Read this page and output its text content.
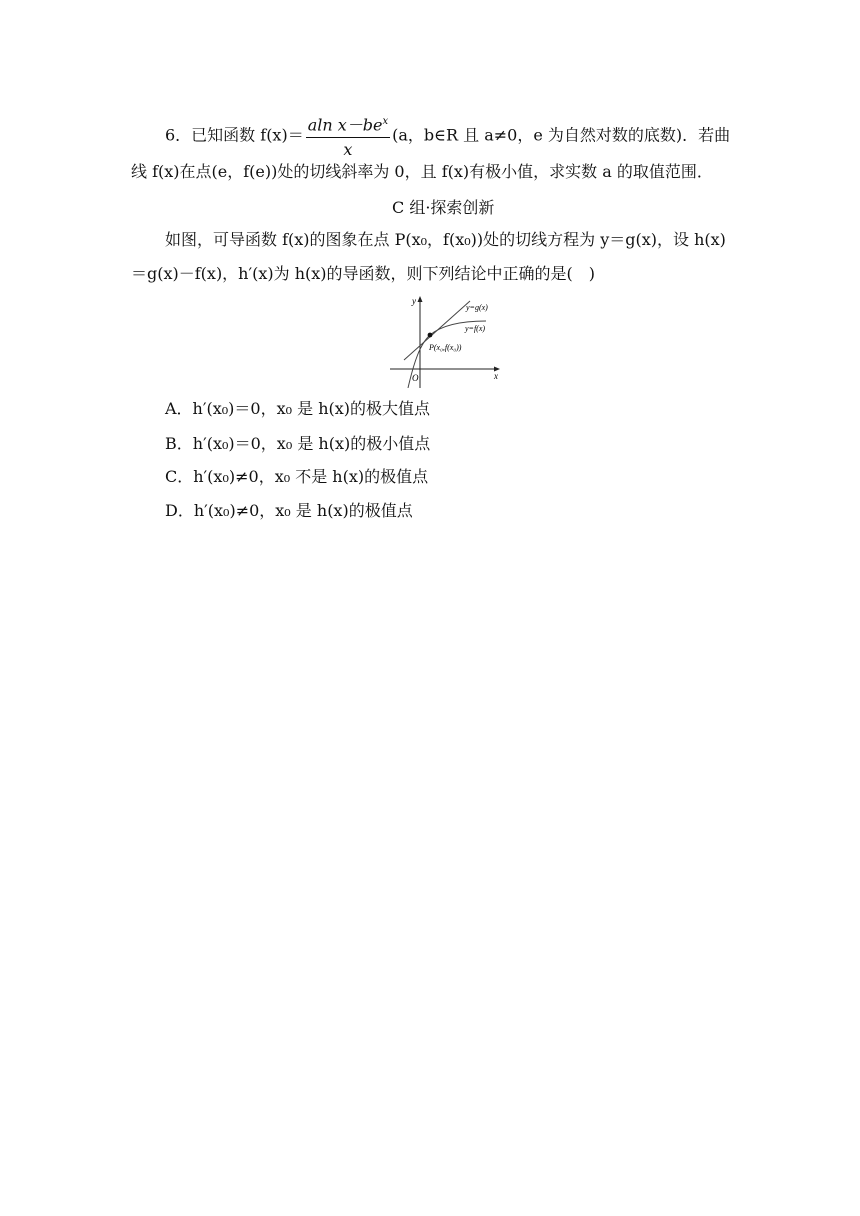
6．已知函数 $f(x)= \frac{aln x-be^x}{x} (a$，b∈R 且 a≠0，e 为自然对数的底数)．若曲
线 f(x)在点(e，f(e))处的切线斜率为 0，且 f(x)有极小值，求实数 a 的取值范围．
C 组·探索创新
如图，可导函数 f(x)的图象在点 P(x₀，f(x₀))处的切线方程为 y＝g(x)，设 h(x)
＝g(x)－f(x)，h′(x)为 h(x)的导函数，则下列结论中正确的是(　)
y
x
O
y=g(x)
y=f(x)
P(x₀,f(x₀))
A．h′(x₀)＝0，x₀ 是 h(x)的极大值点
B．h′(x₀)＝0，x₀ 是 h(x)的极小值点
C．h′(x₀)≠0，x₀ 不是 h(x)的极值点
D．h′(x₀)≠0，x₀ 是 h(x)的极值点
